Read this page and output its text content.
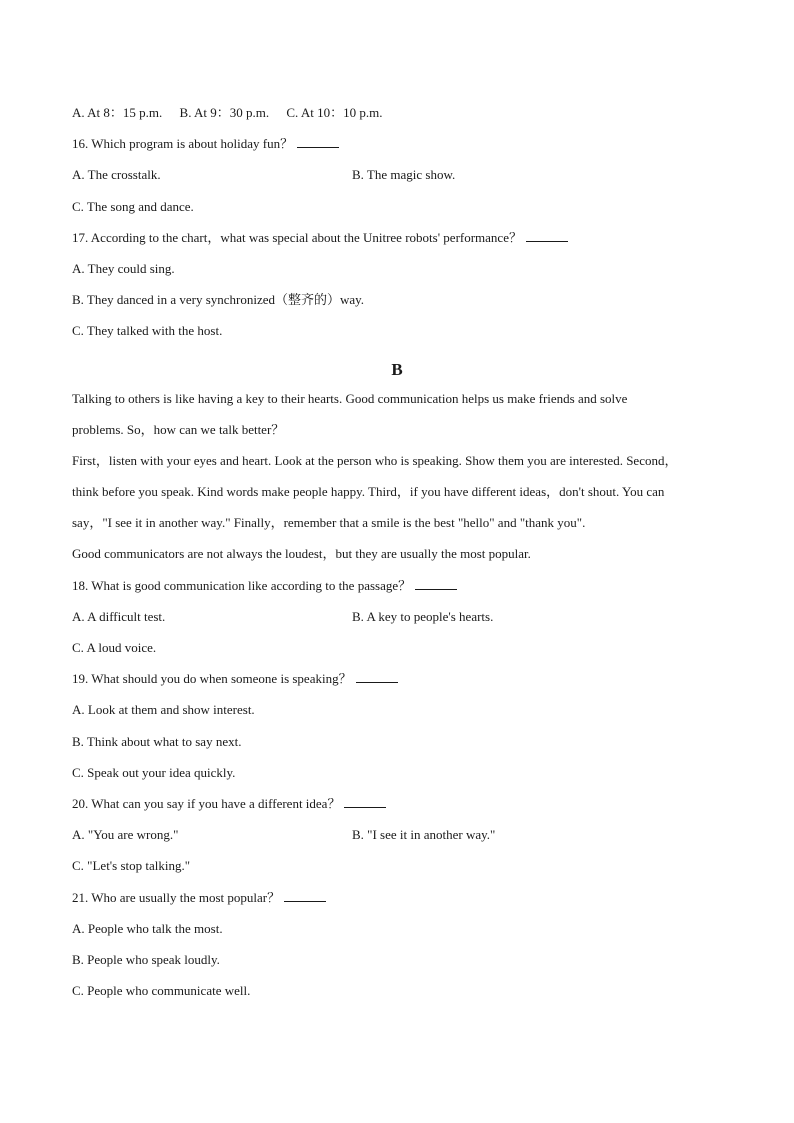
A. At 8：15 p.m. B. At 9：30 p.m. C. At 10：10 p.m.
16. Which program is about holiday fun？
A. The crosstalk.	B. The magic show.
C. The song and dance.
17. According to the chart，what was special about the Unitree robots' performance？
A. They could sing.
B. They danced in a very synchronized（整齐的）way.
C. They talked with the host.
B
Talking to others is like having a key to their hearts. Good communication helps us make friends and solve
problems. So，how can we talk better？
First，listen with your eyes and heart. Look at the person who is speaking. Show them you are interested. Second，
think before you speak. Kind words make people happy. Third，if you have different ideas，don't shout. You can
say，"I see it in another way." Finally，remember that a smile is the best "hello" and "thank you".
Good communicators are not always the loudest，but they are usually the most popular.
18. What is good communication like according to the passage？
A. A difficult test.	B. A key to people's hearts.
C. A loud voice.
19. What should you do when someone is speaking？
A. Look at them and show interest.
B. Think about what to say next.
C. Speak out your idea quickly.
20. What can you say if you have a different idea？
A. "You are wrong."	B. "I see it in another way."
C. "Let's stop talking."
21. Who are usually the most popular？
A. People who talk the most.
B. People who speak loudly.
C. People who communicate well.
